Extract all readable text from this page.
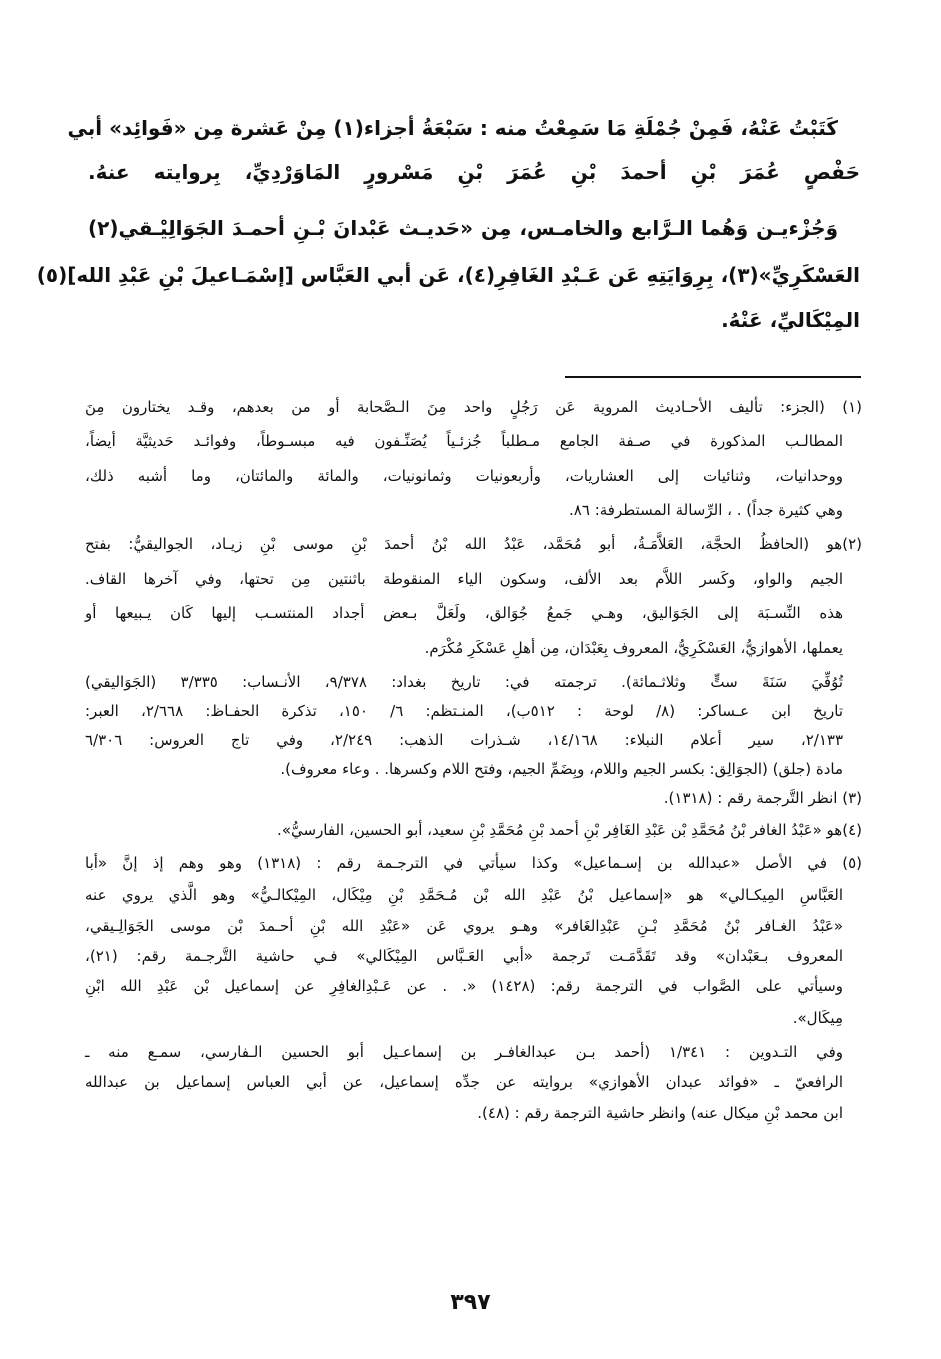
كَتَبْتُ عَنْهُ، فَمِنْ جُمْلَةِ مَا سَمِعْتُ منه : سَبْعَةُ أجزاء(١) مِنْ عَشرة مِن «فَوائِد» أبي
حَفْصٍ عُمَرَ بْنِ أحمدَ بْنِ عُمَرَ بْنِ مَسْرورٍ المَاوَرْدِيِّ، بِروايته عنهُ.
وَجُزْءيـن وَهُما الـرَّابع والخامـس، مِن «حَديـث عَبْدانَ بْـنِ أحمـدَ الجَوَالِيْـقي(٢)
العَسْكَرِيِّ»(٣)، بِرِوَايَتِهِ عَن عَـبْدِ الغَافِرِ(٤)، عَن أبي العَبَّاس [إسْمَـاعيلَ بْنِ عَبْدِ الله](٥)
المِيْكَاليِّ، عَنْهُ.
(١) (الجزء: تأليف الأحـاديث المروية عَن رَجُلٍ واحد مِنَ الـصَّحابة أو من بعدهم، وقـد يختارون مِنَ
المطالـب المذكورة في صـفة الجامع مـطلباً جُزئـياً يُصَنِّـفون فيه مبسـوطاً، وفوائـد حَديثيَّة أيضاً،
ووحدانيات، وثنائيات إلى العشاريات، وأربعونيات وثمانونيات، والمائة والمائتان، وما أشبه ذلك،
وهي كثيرة جداً) . ، الرِّسالة المستطرفة: ٨٦.
(٢)هو (الحافظُ الحجَّة، العَلاَّمَـةُ، أبو مُحَمَّد، عَبْدُ الله بْنُ أحمدَ بْنِ موسى بْنِ زيـاد، الجواليقيُّ: بفتح
الجيم والواو، وكَسر اللاَّم بعد الألف، وسكون الياء المنقوطة باثنتين مِن تحتها، وفي آخرها القاف.
هذه النِّسـبَة إلى الجَوَاليق، وهـي جَمعُ جُوَالق، ولَعَلَّ بـعض أجداد المنتسـب إليها كَان يـبيعها أو
يعملها، الأهوازيُّ، العَسْكَرِيُّ، المعروف بِعَبْدَان، مِن أهلِ عَسْكَرِ مُكْرَم.
تُوُفِّيَ سَنَةَ ستٍّ وثلاثـمائة). ترجمته في: تاريخ بغداد: ٩/٣٧٨، الأنـساب: ٣/٣٣٥ (الجَوَاليقي)
تاريخ ابن عـساكر: (٨/ لوحة : ٥١٢ب)، المنـتظم: ٦/ ١٥٠، تذكرة الحفـاظ: ٢/٦٦٨، العبر:
٢/١٣٣، سير أعلام النبلاء: ١٤/١٦٨، شـذرات الذهب: ٢/٢٤٩، وفي تاج العروس: ٦/٣٠٦
مادة (جلق) (الجوَالِق: بكسر الجيم واللام، وبِضَمِّ الجيم، وفتح اللام وكسرها. . وعاء معروف).
(٣) انظر التَّرجمة رقم : (١٣١٨).
(٤)هو «عَبْدُ الغافر بْنُ مُحَمَّدِ بْن عَبْدِ الغَافِر بْنِ أحمد بْنِ مُحَمَّدِ بْنِ سعيد، أبو الحسين، الفارسيُّ».
(٥) في الأصل «عبدالله بن إسـماعيل» وكذا سيأتي في الترجـمة رقم : (١٣١٨) وهو وهم إذ إنَّ «أبا
العَبَّاسِ المِيكـالي» هو «إسماعيل بْنُ عَبْدِ الله بْن مُـحَمَّدِ بْنِ مِيْكَال، المِيْكالـيُّ» وهو الَّذي يروي عنه
«عَبْدُ الغـافر بْنُ مُحَمَّدِ بْـنِ عَبْدِالغَافر» وهـو يروي عَن «عَبْدِ الله بْنِ أحـمدَ بْن موسى الجَوَالِـيقي،
المعروف بـعَبْدان» وقد تَقَدَّمَـت تَرجمة «أبي العَـبَّاس المِيْكَالي» فـي حاشية التَّرجـمة رقم: (٢١)،
وسيأتي على الصَّواب في الترجمة رقم: (١٤٢٨) «. . عن عَـبْدِالغافِرِ عن إسماعيل بْن عَبْدِ الله ابْنِ
مِيكَال».
وفي التـدوين : ١/٣٤١ (أحمد بـن عبدالغافـر بن إسماعـيل أبو الحسين الـفارسي، سمـع منه ـ
الرافعيّ ـ «فوائد عبدان الأهوازي» بروايته عن جدِّه إسماعيل، عن أبي العباس إسماعيل بن عبدالله
ابن محمد بْنِ ميكال عنه) وانظر حاشية الترجمة رقم : (٤٨).
٣٩٧
